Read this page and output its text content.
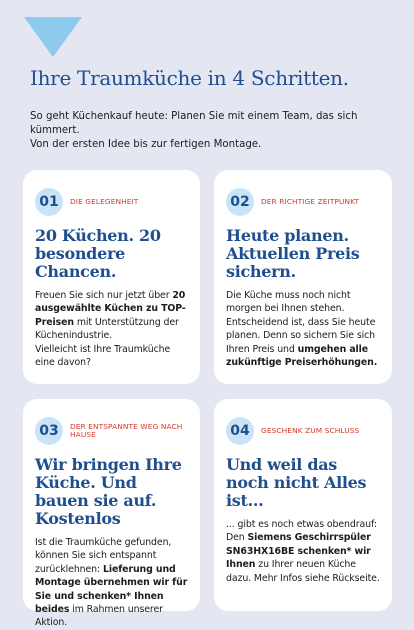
Ihre Traumküche in 4 Schritten.

So geht Küchenkauf heute: Planen Sie mit einem Team, das sich kümmert.

Von der ersten Idee bis zur fertigen Montage.

01	DIE GELEGENHEIT
20 Küchen. 20 besondere Chancen.
Freuen Sie sich nur jetzt über 20 ausgewählte Küchen zu TOP-Preisen mit Unterstützung der Küchenindustrie.
Vielleicht ist Ihre Traumküche eine davon?
02	DER RICHTIGE ZEITPUNKT
Heute planen. Aktuellen Preis sichern.
Die Küche muss noch nicht morgen bei Ihnen stehen. Entscheidend ist, dass Sie heute planen. Denn so sichern Sie sich Ihren Preis und umgehen alle zukünftige Preiserhöhungen.
03	DER ENTSPANNTE WEG NACH HAUSE
Wir bringen Ihre Küche. Und bauen sie auf. Kostenlos
Ist die Traumküche gefunden, können Sie sich entspannt zurücklehnen: Lieferung und Montage übernehmen wir für Sie und schenken* Ihnen beides im Rahmen unserer Aktion.
04	GESCHENK ZUM SCHLUSS
Und weil das noch nicht Alles ist...
... gibt es noch etwas obendrauf: Den Siemens Geschirrspüler SN63HX16BE schenken* wir Ihnen zu Ihrer neuen Küche dazu. Mehr Infos siehe Rückseite.
